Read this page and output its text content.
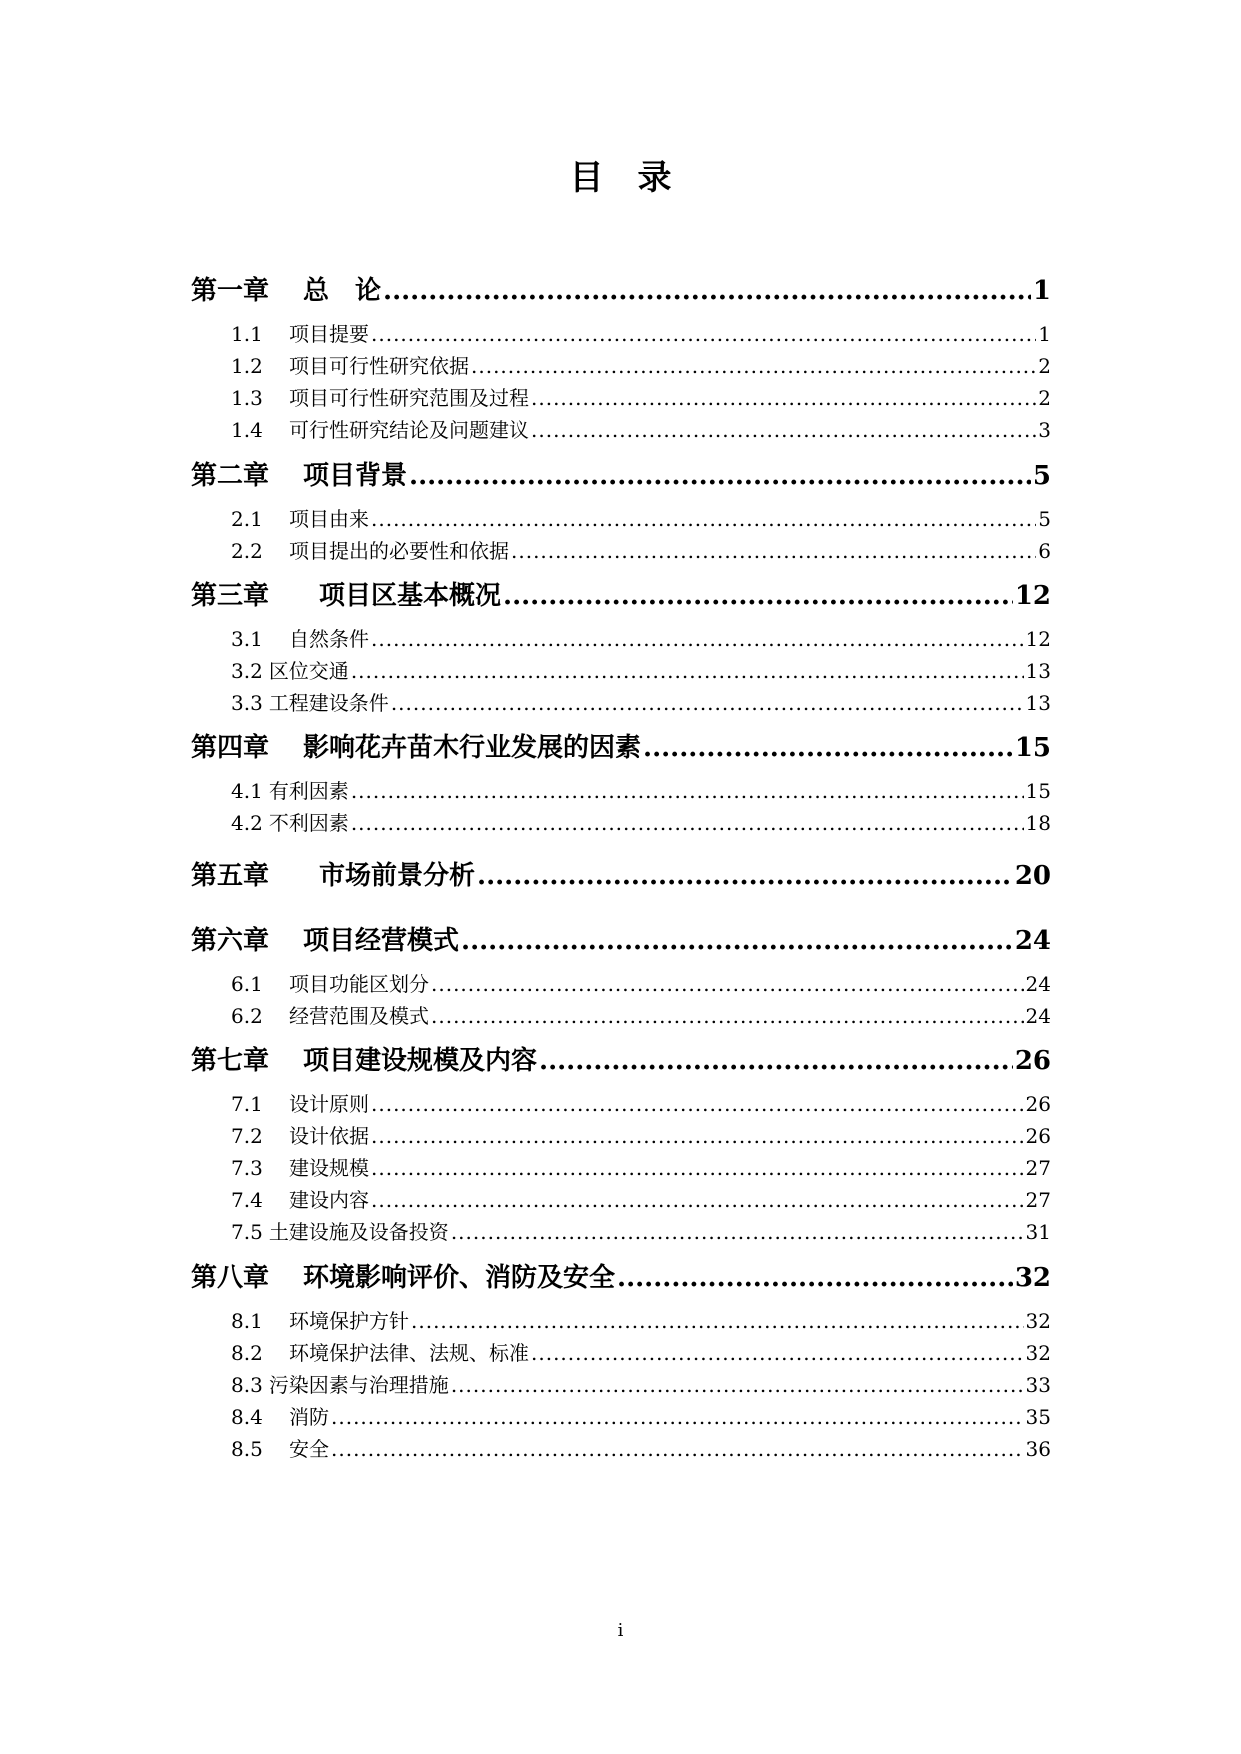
目　录
第一章 总　论 .....	1
1.1 项目提要 .....	1
1.2 项目可行性研究依据 .....	2
1.3 项目可行性研究范围及过程 .....	2
1.4 可行性研究结论及问题建议 .....	3
第二章 项目背景 .....	5
2.1 项目由来 .....	5
2.2 项目提出的必要性和依据 .....	6
第三章 项目区基本概况 .....	12
3.1 自然条件 .....	12
3.2 区位交通 .....	13
3.3 工程建设条件 .....	13
第四章 影响花卉苗木行业发展的因素 .....	15
4.1 有利因素 .....	15
4.2 不利因素 .....	18
第五章 市场前景分析 .....	20
第六章 项目经营模式 .....	24
6.1 项目功能区划分 .....	24
6.2 经营范围及模式 .....	24
第七章 项目建设规模及内容 .....	26
7.1 设计原则 .....	26
7.2 设计依据 .....	26
7.3 建设规模 .....	27
7.4 建设内容 .....	27
7.5 土建设施及设备投资 .....	31
第八章 环境影响评价、消防及安全 .....	32
8.1 环境保护方针 .....	32
8.2 环境保护法律、法规、标准 .....	32
8.3 污染因素与治理措施 .....	33
8.4 消防 .....	35
8.5 安全 .....	36
i
